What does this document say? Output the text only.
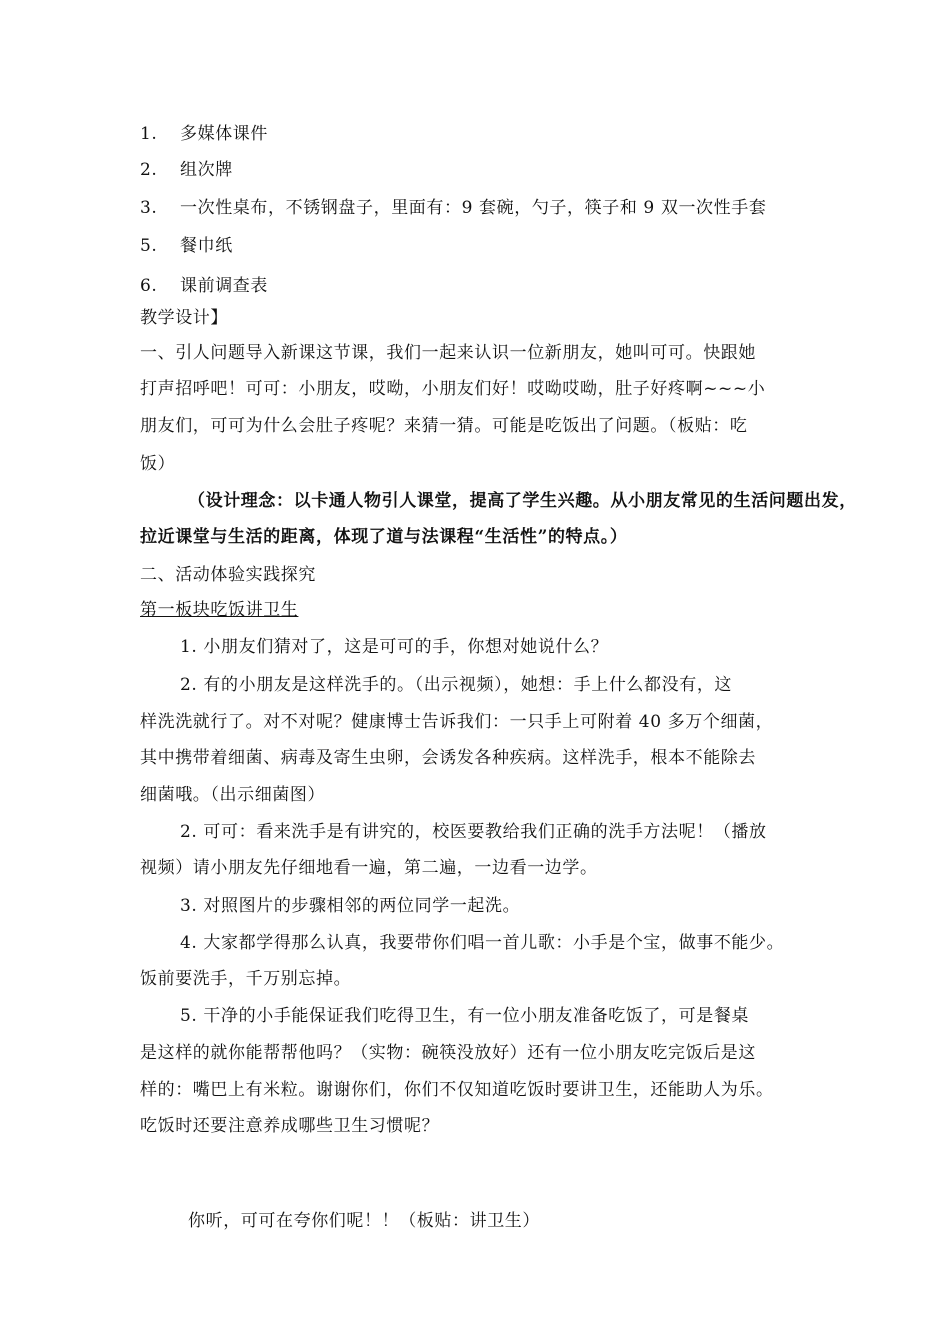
1. 多媒体课件
2. 组次牌
3. 一次性桌布，不锈钢盘子，里面有：9 套碗，勺子，筷子和 9 双一次性手套
5. 餐巾纸
6. 课前调查表
教学设计】
一、引人问题导入新课这节课，我们一起来认识一位新朋友，她叫可可。快跟她
打声招呼吧！可可：小朋友，哎呦，小朋友们好！哎呦哎呦，肚子好疼啊~~~小
朋友们，可可为什么会肚子疼呢？来猜一猜。可能是吃饭出了问题。（板贴：吃
饭）
（设计理念：以卡通人物引人课堂，提高了学生兴趣。从小朋友常见的生活问题出发，
拉近课堂与生活的距离，体现了道与法课程“生活性”的特点。）
二、活动体验实践探究
第一板块吃饭讲卫生
1. 小朋友们猜对了，这是可可的手，你想对她说什么？
2. 有的小朋友是这样洗手的。（出示视频），她想：手上什么都没有，这
样洗洗就行了。对不对呢？健康博士告诉我们：一只手上可附着 40 多万个细菌，
其中携带着细菌、病毒及寄生虫卵，会诱发各种疾病。这样洗手，根本不能除去
细菌哦。（出示细菌图）
2. 可可：看来洗手是有讲究的，校医要教给我们正确的洗手方法呢！（播放
视频）请小朋友先仔细地看一遍，第二遍，一边看一边学。
3. 对照图片的步骤相邻的两位同学一起洗。
4. 大家都学得那么认真，我要带你们唱一首儿歌：小手是个宝，做事不能少。
饭前要洗手，千万别忘掉。
5. 干净的小手能保证我们吃得卫生，有一位小朋友准备吃饭了，可是餐桌
是这样的就你能帮帮他吗？（实物：碗筷没放好）还有一位小朋友吃完饭后是这
样的：嘴巴上有米粒。谢谢你们，你们不仅知道吃饭时要讲卫生，还能助人为乐。
吃饭时还要注意养成哪些卫生习惯呢？
你听，可可在夸你们呢！！（板贴：讲卫生）
